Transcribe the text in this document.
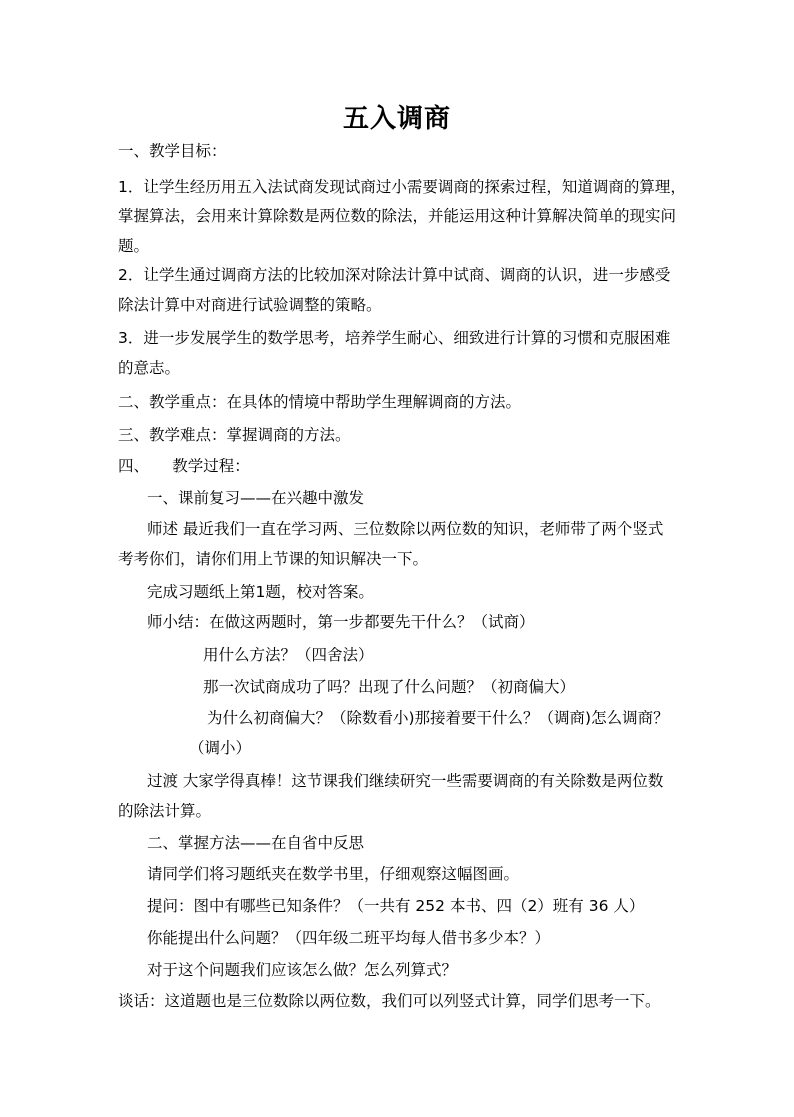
五入调商
一、教学目标：
1．让学生经历用五入法试商发现试商过小需要调商的探索过程，知道调商的算理，
掌握算法，会用来计算除数是两位数的除法，并能运用这种计算解决简单的现实问
题。
2．让学生通过调商方法的比较加深对除法计算中试商、调商的认识，进一步感受
除法计算中对商进行试验调整的策略。
3．进一步发展学生的数学思考，培养学生耐心、细致进行计算的习惯和克服困难
的意志。
二、教学重点：在具体的情境中帮助学生理解调商的方法。
三、教学难点：掌握调商的方法。
四、　　教学过程：
一、课前复习——在兴趣中激发
师述 最近我们一直在学习两、三位数除以两位数的知识，老师带了两个竖式
考考你们，请你们用上节课的知识解决一下。
完成习题纸上第1题，校对答案。
师小结：在做这两题时，第一步都要先干什么？（试商）
用什么方法？（四舍法）
那一次试商成功了吗？出现了什么问题？（初商偏大）
为什么初商偏大？（除数看小)那接着要干什么？（调商)怎么调商？
（调小）
过渡 大家学得真棒！这节课我们继续研究一些需要调商的有关除数是两位数
的除法计算。
二、掌握方法——在自省中反思
请同学们将习题纸夹在数学书里，仔细观察这幅图画。
提问：图中有哪些已知条件？（一共有 252 本书、四（2）班有 36 人）
你能提出什么问题？（四年级二班平均每人借书多少本？）
对于这个问题我们应该怎么做？怎么列算式？
谈话：这道题也是三位数除以两位数，我们可以列竖式计算，同学们思考一下。
